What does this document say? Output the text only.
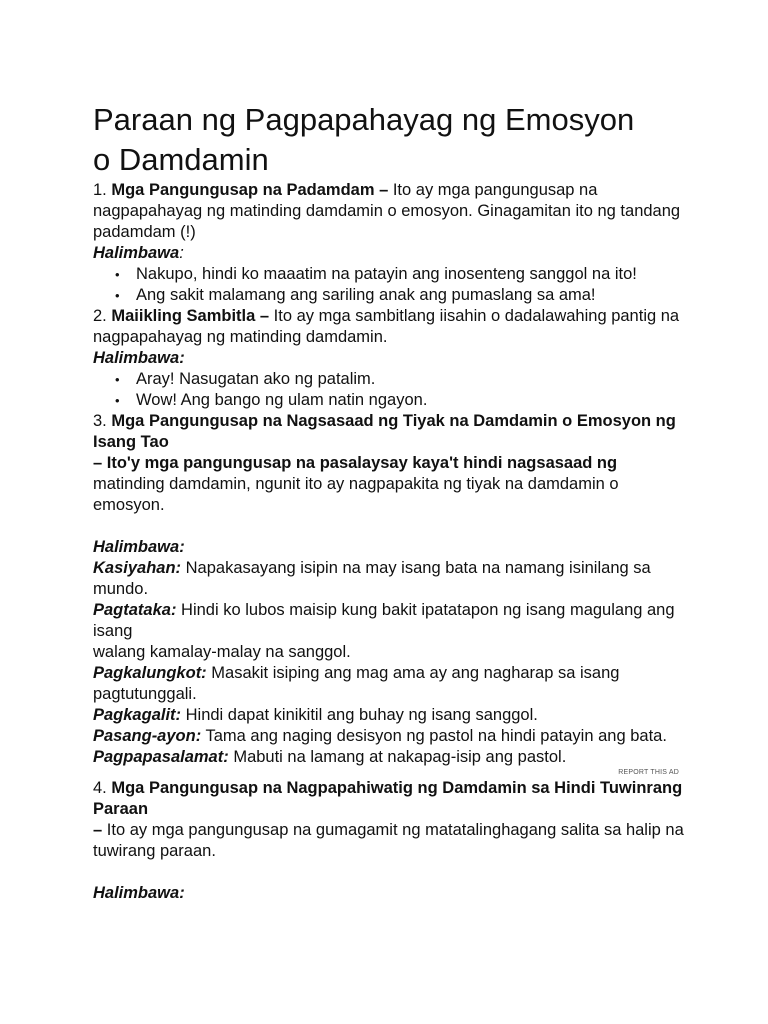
Paraan ng Pagpapahayag ng Emosyon
o Damdamin

1. Mga Pangungusap na Padamdam – Ito ay mga pangungusap na nagpapahayag ng matinding damdamin o emosyon. Ginagamitan ito ng tandang padamdam (!)

Halimbawa:

• Nakupo, hindi ko maaatim na patayin ang inosenteng sanggol na ito!
• Ang sakit malamang ang sariling anak ang pumaslang sa ama!

2. Maiikling Sambitla – Ito ay mga sambitlang iisahin o dadalawahing pantig na nagpapahayag ng matinding damdamin.

Halimbawa:

• Aray! Nasugatan ako ng patalim.
• Wow! Ang bango ng ulam natin ngayon.

3. Mga Pangungusap na Nagsasaad ng Tiyak na Damdamin o Emosyon ng Isang Tao

– Ito'y mga pangungusap na pasalaysay kaya't hindi nagsasaad ng

matinding damdamin, ngunit ito ay nagpapakita ng tiyak na damdamin o emosyon.

Halimbawa:

Kasiyahan: Napakasayang isipin na may isang bata na namang isinilang sa mundo.

Pagtataka: Hindi ko lubos maisip kung bakit ipatatapon ng isang magulang ang isang

walang kamalay-malay na sanggol.

Pagkalungkot: Masakit isiping ang mag ama ay ang nagharap sa isang pagtutunggali.

Pagkagalit: Hindi dapat kinikitil ang buhay ng isang sanggol.

Pasang-ayon: Tama ang naging desisyon ng pastol na hindi patayin ang bata.

Pagpapasalamat: Mabuti na lamang at nakapag-isip ang pastol.

REPORT THIS AD

4. Mga Pangungusap na Nagpapahiwatig ng Damdamin sa Hindi Tuwinrang Paraan

– Ito ay mga pangungusap na gumagamit ng matatalinghagang salita sa halip na tuwirang paraan.

Halimbawa:
